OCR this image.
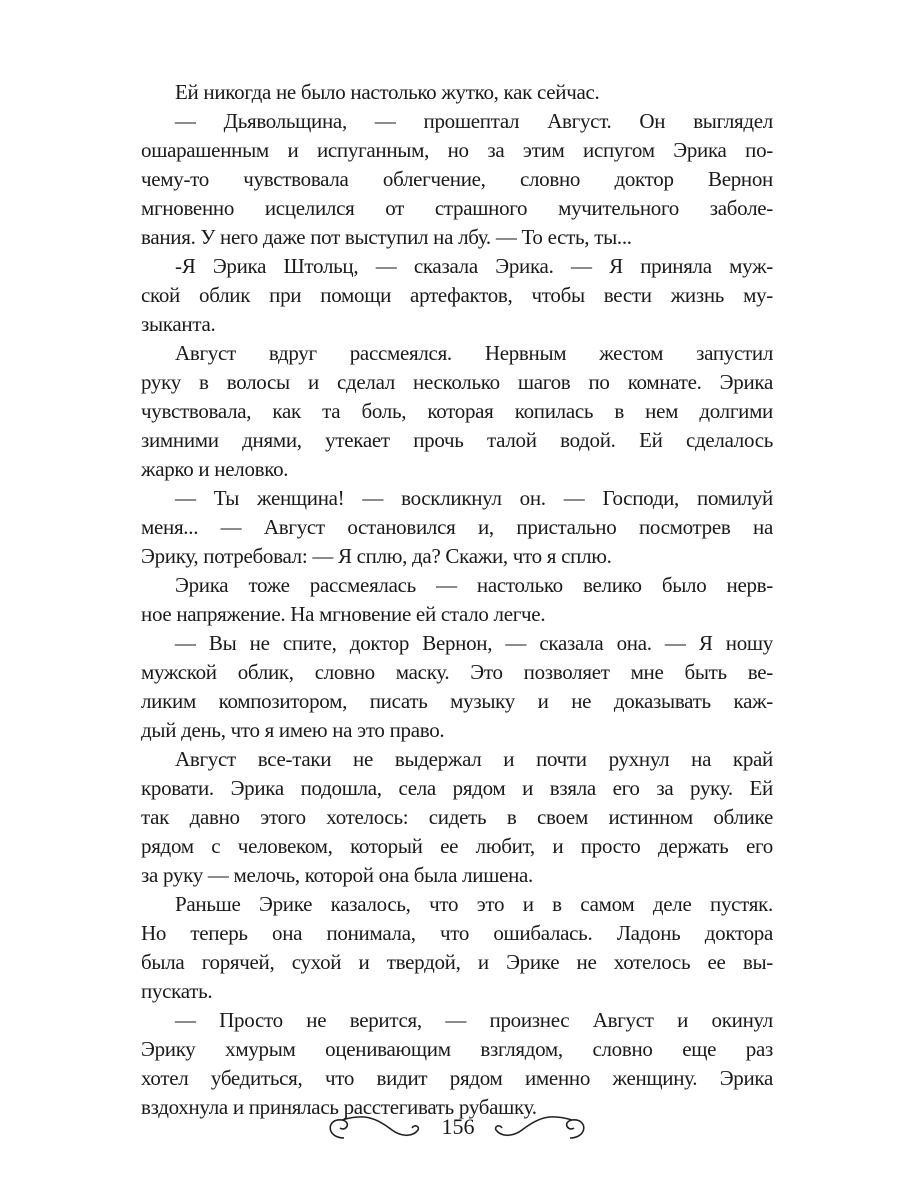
Ей никогда не было настолько жутко, как сейчас.
— Дьявольщина, — прошептал Август. Он выглядел
ошарашенным и испуганным, но за этим испугом Эрика по-
чему-то чувствовала облегчение, словно доктор Вернон
мгновенно исцелился от страшного мучительного заболе-
вания. У него даже пот выступил на лбу. — То есть, ты...
-Я Эрика Штольц, — сказала Эрика. — Я приняла муж-
ской облик при помощи артефактов, чтобы вести жизнь му-
зыканта.
Август вдруг рассмеялся. Нервным жестом запустил
руку в волосы и сделал несколько шагов по комнате. Эрика
чувствовала, как та боль, которая копилась в нем долгими
зимними днями, утекает прочь талой водой. Ей сделалось
жарко и неловко.
— Ты женщина! — воскликнул он. — Господи, помилуй
меня... — Август остановился и, пристально посмотрев на
Эрику, потребовал: — Я сплю, да? Скажи, что я сплю.
Эрика тоже рассмеялась — настолько велико было нерв-
ное напряжение. На мгновение ей стало легче.
— Вы не спите, доктор Вернон, — сказала она. — Я ношу
мужской облик, словно маску. Это позволяет мне быть ве-
ликим композитором, писать музыку и не доказывать каж-
дый день, что я имею на это право.
Август все-таки не выдержал и почти рухнул на край
кровати. Эрика подошла, села рядом и взяла его за руку. Ей
так давно этого хотелось: сидеть в своем истинном облике
рядом с человеком, который ее любит, и просто держать его
за руку — мелочь, которой она была лишена.
Раньше Эрике казалось, что это и в самом деле пустяк.
Но теперь она понимала, что ошибалась. Ладонь доктора
была горячей, сухой и твердой, и Эрике не хотелось ее вы-
пускать.
— Просто не верится, — произнес Август и окинул
Эрику хмурым оценивающим взглядом, словно еще раз
хотел убедиться, что видит рядом именно женщину. Эрика
вздохнула и принялась расстегивать рубашку.
156
